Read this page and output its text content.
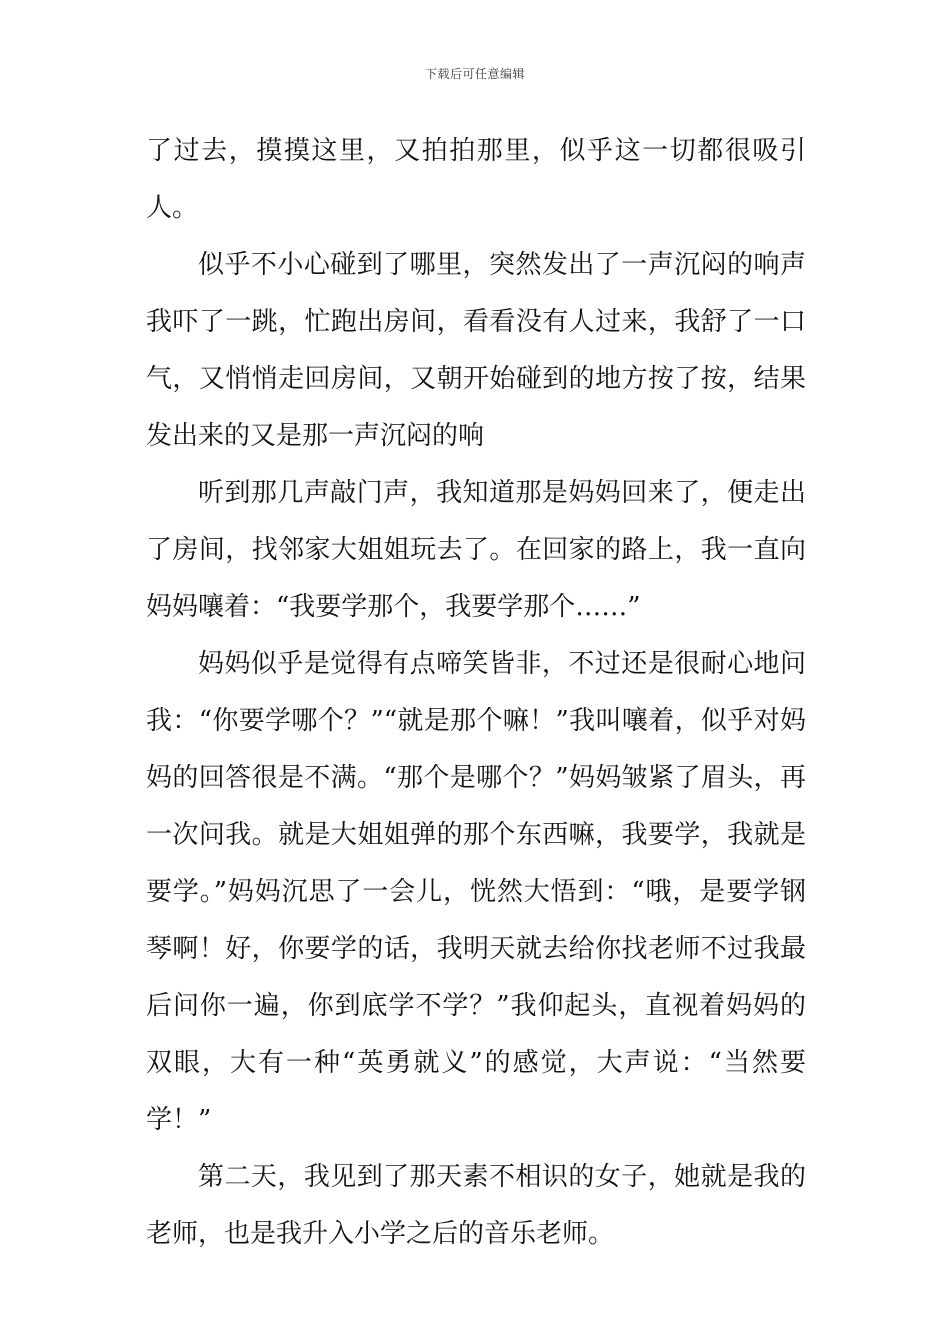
下载后可任意编辑

了过去，摸摸这里，又拍拍那里，似乎这一切都很吸引人。

似乎不小心碰到了哪里，突然发出了一声沉闷的响声我吓了一跳，忙跑出房间，看看没有人过来，我舒了一口气，又悄悄走回房间，又朝开始碰到的地方按了按，结果发出来的又是那一声沉闷的响

听到那几声敲门声，我知道那是妈妈回来了，便走出了房间，找邻家大姐姐玩去了。在回家的路上，我一直向妈妈嚷着：“我要学那个，我要学那个……”

妈妈似乎是觉得有点啼笑皆非，不过还是很耐心地问我：“你要学哪个？”“就是那个嘛！”我叫嚷着，似乎对妈妈的回答很是不满。“那个是哪个？”妈妈皱紧了眉头，再一次问我。就是大姐姐弹的那个东西嘛，我要学，我就是要学。”妈妈沉思了一会儿，恍然大悟到：“哦，是要学钢琴啊！好，你要学的话，我明天就去给你找老师不过我最后问你一遍，你到底学不学？”我仰起头，直视着妈妈的双眼，大有一种“英勇就义”的感觉，大声说：“当然要学！”

第二天，我见到了那天素不相识的女子，她就是我的老师，也是我升入小学之后的音乐老师。
